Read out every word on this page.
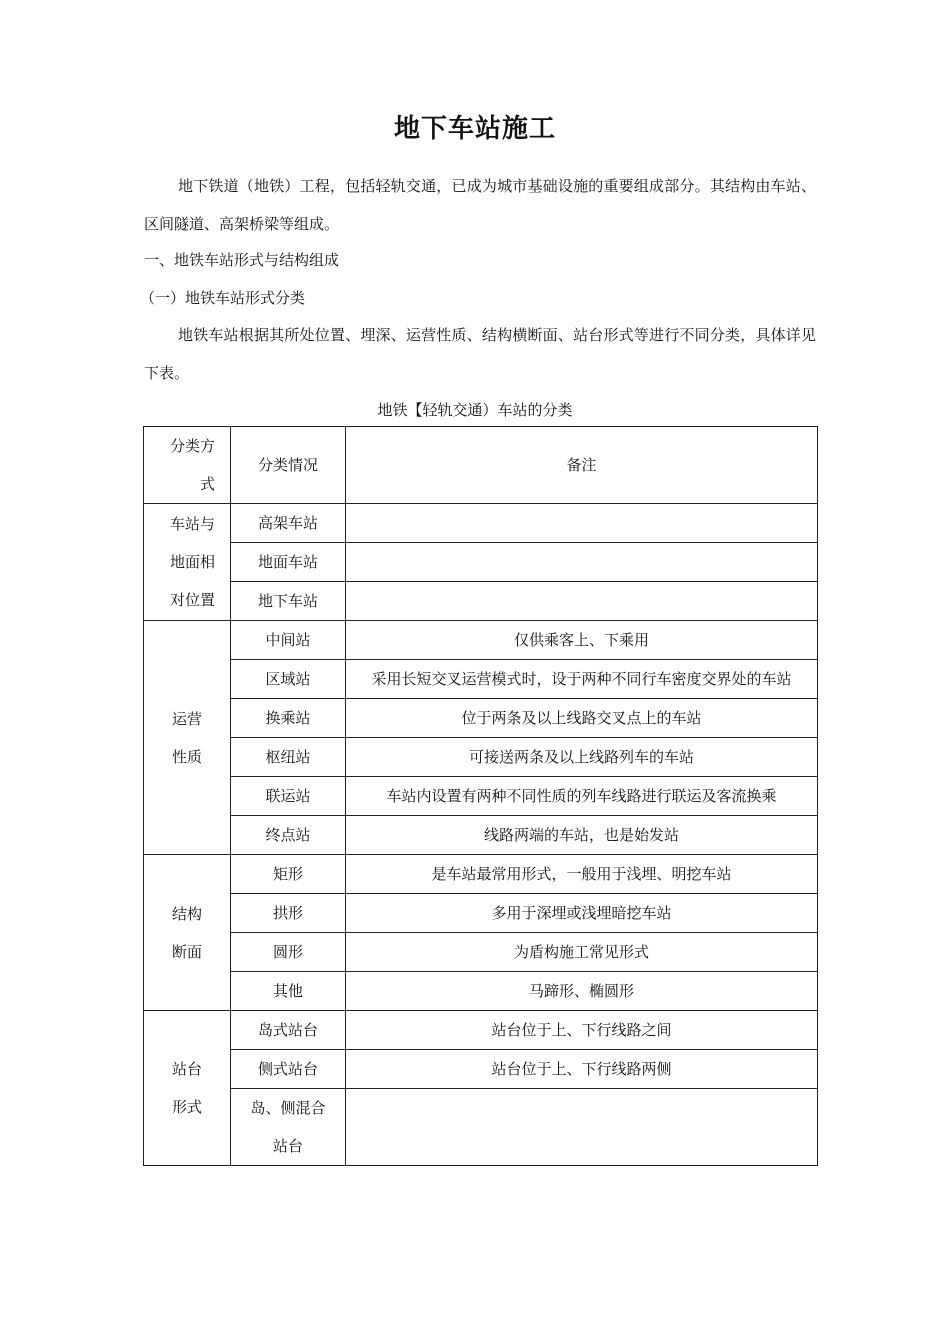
地下车站施工

地下铁道（地铁）工程，包括轻轨交通，已成为城市基础设施的重要组成部分。其结构由车站、区间隧道、高架桥梁等组成。

一、地铁车站形式与结构组成
（一）地铁车站形式分类

地铁车站根据其所处位置、埋深、运营性质、结构横断面、站台形式等进行不同分类，具体详见下表。

地铁【轻轨交通）车站的分类
分类方式	分类情况	备注

车站与地面相对位置	高架车站	

	地面车站	

	地下车站	

运营性质	中间站	仅供乘客上、下乘用

	区域站	采用长短交叉运营模式时，设于两种不同行车密度交界处的车站

	换乘站	位于两条及以上线路交叉点上的车站

	枢纽站	可接送两条及以上线路列车的车站

	联运站	车站内设置有两种不同性质的列车线路进行联运及客流换乘

	终点站	线路两端的车站，也是始发站

结构断面	矩形	是车站最常用形式，一般用于浅埋、明挖车站

	拱形	多用于深埋或浅埋暗挖车站

	圆形	为盾构施工常见形式

	其他	马蹄形、椭圆形

站台形式	岛式站台	站台位于上、下行线路之间

	侧式站台	站台位于上、下行线路两侧

	岛、侧混合站台	
